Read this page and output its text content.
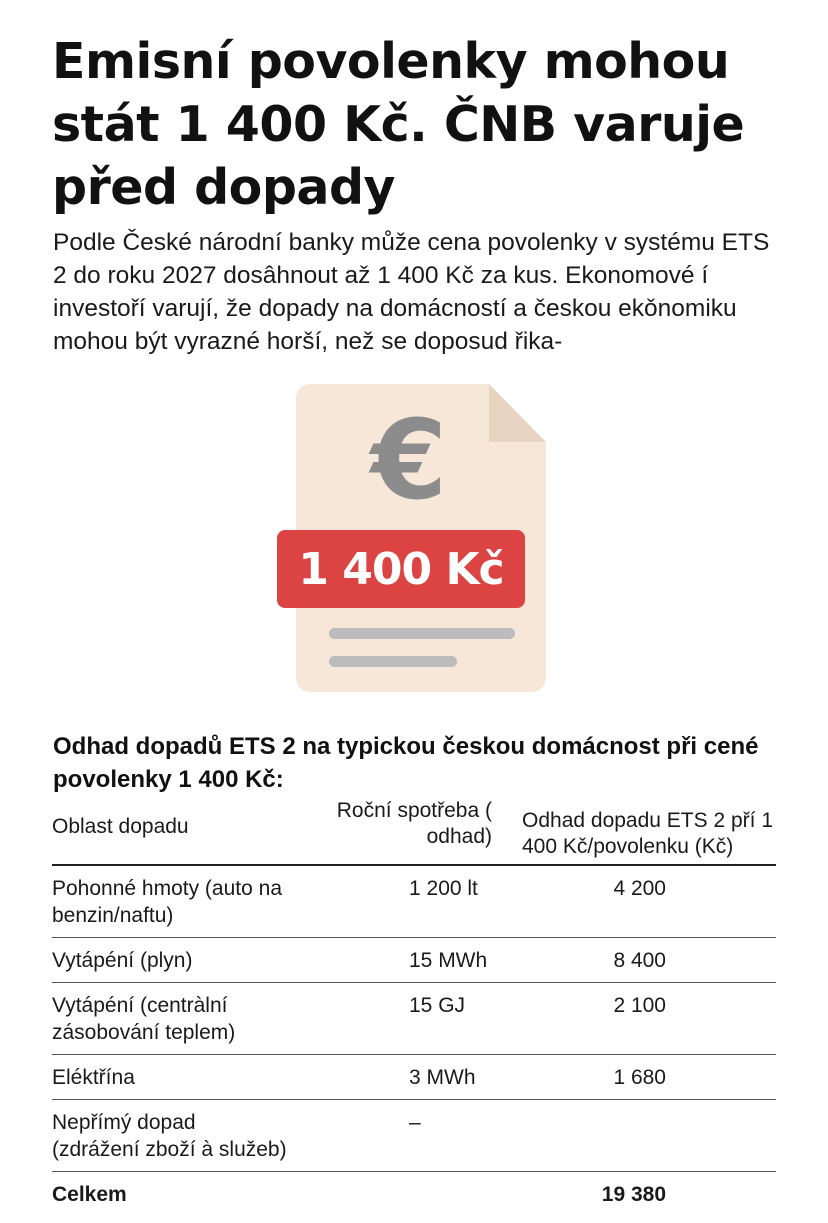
Emisní povolenky mohou stát 1 400 Kč. ČNB varuje před dopady

Podle České národní banky může cena povolenky v systému ETS 2 do roku 2027 dosâhnout až 1 400 Kč za kus. Ekonomové í investoří varují, že dopady na domácností a českou ekǒnomiku mohou být vyrazné horší, než se doposud řika-

€
1 400 Kč
Odhad dopadů ETS 2 na typickou českou domácnost při cené povolenky 1 400 Kč:
Oblast dopadu	Roční spotřeba ( odhad)	Odhad dopadu ETS 2 pří 1 400 Kč/povolenku (Kč)
Pohonné hmoty (auto na benzin/naftu)	1 200 lt	4 200
Vytápéní (plyn)	15 MWh	8 400
Vytápéní (centràlní zásobování teplem)	15 GJ	2 100
Eléktřína	3 MWh	1 680
Nepřímý dopad (zdrážení zboží à služeb)	–	
Celkem		19 380
